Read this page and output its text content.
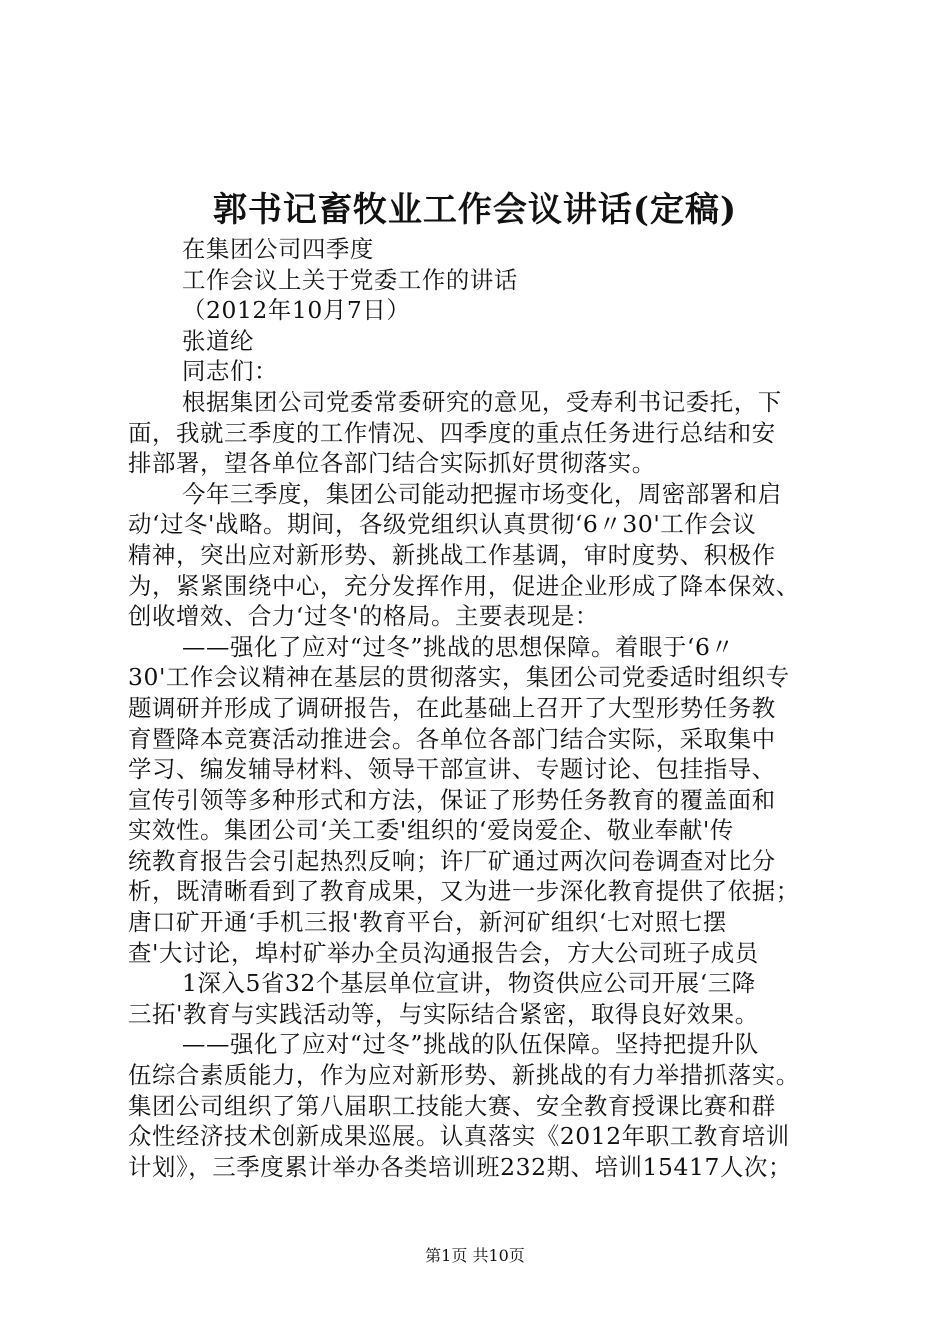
郭书记畜牧业工作会议讲话(定稿)
在集团公司四季度
工作会议上关于党委工作的讲话
（2012年10月7日）
张道纶
同志们：
根据集团公司党委常委研究的意见，受寿利书记委托，下
面，我就三季度的工作情况、四季度的重点任务进行总结和安
排部署，望各单位各部门结合实际抓好贯彻落实。
今年三季度，集团公司能动把握市场变化，周密部署和启
动‘过冬'战略。期间，各级党组织认真贯彻‘6〃30'工作会议
精神，突出应对新形势、新挑战工作基调，审时度势、积极作
为，紧紧围绕中心，充分发挥作用，促进企业形成了降本保效、
创收增效、合力‘过冬'的格局。主要表现是：
——强化了应对“过冬”挑战的思想保障。着眼于‘6〃
30'工作会议精神在基层的贯彻落实，集团公司党委适时组织专
题调研并形成了调研报告，在此基础上召开了大型形势任务教
育暨降本竞赛活动推进会。各单位各部门结合实际，采取集中
学习、编发辅导材料、领导干部宣讲、专题讨论、包挂指导、
宣传引领等多种形式和方法，保证了形势任务教育的覆盖面和
实效性。集团公司‘关工委'组织的‘爱岗爱企、敬业奉献'传
统教育报告会引起热烈反响；许厂矿通过两次问卷调查对比分
析，既清晰看到了教育成果，又为进一步深化教育提供了依据；
唐口矿开通‘手机三报'教育平台，新河矿组织‘七对照七摆
查'大讨论，埠村矿举办全员沟通报告会，方大公司班子成员
1深入5省32个基层单位宣讲，物资供应公司开展‘三降
三拓'教育与实践活动等，与实际结合紧密，取得良好效果。
——强化了应对“过冬”挑战的队伍保障。坚持把提升队
伍综合素质能力，作为应对新形势、新挑战的有力举措抓落实。
集团公司组织了第八届职工技能大赛、安全教育授课比赛和群
众性经济技术创新成果巡展。认真落实《2012年职工教育培训
计划》，三季度累计举办各类培训班232期、培训15417人次；
第1页 共10页
